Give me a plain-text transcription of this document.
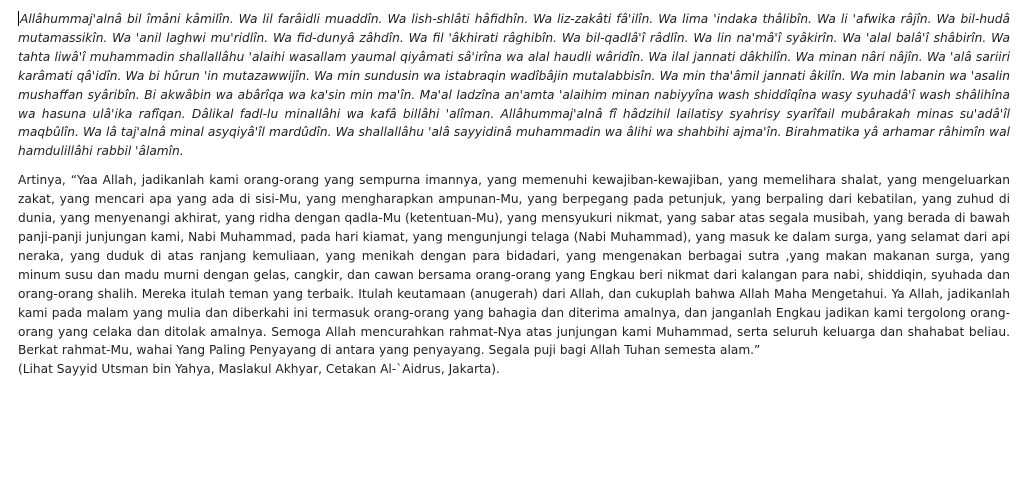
Allâhummaj'alnâ bil îmâni kâmilîn. Wa lil farâidli muaddîn. Wa lish-shlâti hâfidhîn. Wa liz-zakâti fâ'ilîn. Wa lima 'indaka thâlibîn. Wa li 'afwika râjîn. Wa bil-hudâ mutamassikîn. Wa 'anil laghwi mu'ridlîn. Wa fid-dunyâ zâhdîn. Wa fil 'âkhirati râghibîn. Wa bil-qadlâ'î râdlîn. Wa lin na'mâ'î syâkirîn. Wa 'alal balâ'î shâbirîn. Wa tahta liwâ'î muhammadin shallallâhu 'alaihi wasallam yaumal qiyâmati sâ'irîna wa alal haudli wâridîn. Wa ilal jannati dâkhilîn. Wa minan nâri nâjîn. Wa 'alâ sariiri karâmati qâ'idîn. Wa bi hûrun 'in mutazawwijîn. Wa min sundusin wa istabraqin wadîbâjin mutalabbisîn. Wa min tha'âmil jannati âkilîn. Wa min labanin wa 'asalin mushaffan syâribîn. Bi akwâbin wa abârîqa wa ka'sin min ma'în. Ma'al ladzîna an'amta 'alaihim minan nabiyyîna wash shiddîqîna wasy syuhadâ'î wash shâlihîna wa hasuna ulâ'ika rafîqan. Dâlikal fadl-lu minallâhi wa kafâ billâhi 'alîman. Allâhummaj'alnâ fî hâdzihil lailatisy syahrisy syarîfail mubârakah minas su'adâ'îl maqbûlîn. Wa lâ taj'alnâ minal asyqiyâ'îl mardûdîn. Wa shallallâhu 'alâ sayyidinâ muhammadin wa âlihi wa shahbihi ajma'în. Birahmatika yâ arhamar râhimîn wal hamdulillâhi rabbil 'âlamîn.

Artinya, “Yaa Allah, jadikanlah kami orang-orang yang sempurna imannya, yang memenuhi kewajiban-kewajiban, yang memelihara shalat, yang mengeluarkan zakat, yang mencari apa yang ada di sisi-Mu, yang mengharapkan ampunan-Mu, yang berpegang pada petunjuk, yang berpaling dari kebatilan, yang zuhud di dunia, yang menyenangi akhirat, yang ridha dengan qadla-Mu (ketentuan-Mu), yang mensyukuri nikmat, yang sabar atas segala musibah, yang berada di bawah panji-panji junjungan kami, Nabi Muhammad, pada hari kiamat, yang mengunjungi telaga (Nabi Muhammad), yang masuk ke dalam surga, yang selamat dari api neraka, yang duduk di atas ranjang kemuliaan, yang menikah dengan para bidadari, yang mengenakan berbagai sutra ,yang makan makanan surga, yang minum susu dan madu murni dengan gelas, cangkir, dan cawan bersama orang-orang yang Engkau beri nikmat dari kalangan para nabi, shiddiqin, syuhada dan orang-orang shalih. Mereka itulah teman yang terbaik. Itulah keutamaan (anugerah) dari Allah, dan cukuplah bahwa Allah Maha Mengetahui. Ya Allah, jadikanlah kami pada malam yang mulia dan diberkahi ini termasuk orang-orang yang bahagia dan diterima amalnya, dan janganlah Engkau jadikan kami tergolong orang-orang yang celaka dan ditolak amalnya. Semoga Allah mencurahkan rahmat-Nya atas junjungan kami Muhammad, serta seluruh keluarga dan shahabat beliau. Berkat rahmat-Mu, wahai Yang Paling Penyayang di antara yang penyayang. Segala puji bagi Allah Tuhan semesta alam.”

(Lihat Sayyid Utsman bin Yahya, Maslakul Akhyar, Cetakan Al-`Aidrus, Jakarta).
